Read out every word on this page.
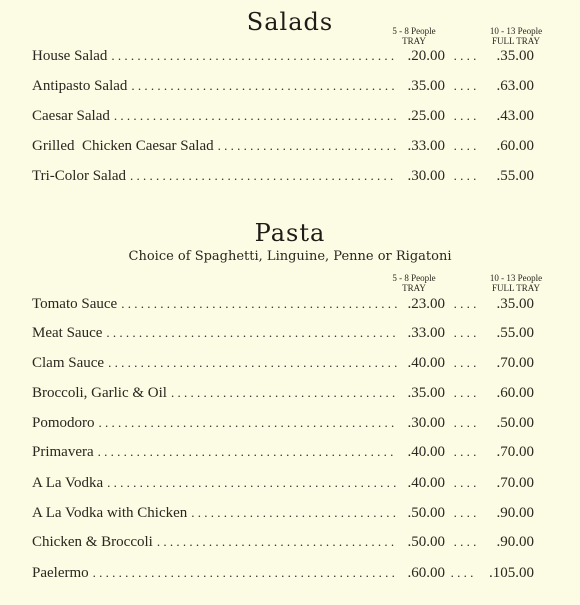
Salads	5 - 8 People
TRAY
10 - 13 People
FULL TRAY
House Salad . . .	.20.00 . . . .	.35.00
Antipasto Salad . . .	.35.00 . . . .	.63.00
Caesar Salad . . .	.25.00 . . . .	.43.00
Grilled  Chicken Caesar Salad . . .	.33.00 . . . .	.60.00
Tri-Color Salad . . .	.30.00 . . . .	.55.00
Pasta
Choice of Spaghetti, Linguine, Penne or Rigatoni
5 - 8 People
TRAY
10 - 13 People
FULL TRAY
Tomato Sauce . . .	.23.00 . . . .	.35.00
Meat Sauce . . .	.33.00 . . . .	.55.00
Clam Sauce . . .	.40.00 . . . .	.70.00
Broccoli, Garlic & Oil . . .	.35.00 . . . .	.60.00
Pomodoro . . .	.30.00 . . . .	.50.00
Primavera . . .	.40.00 . . . .	.70.00
A La Vodka . . .	.40.00 . . . .	.70.00
A La Vodka with Chicken . . .	.50.00 . . . .	.90.00
Chicken & Broccoli . . .	.50.00 . . . .	.90.00
Paelermo . . .	.60.00 . . . .	.105.00
